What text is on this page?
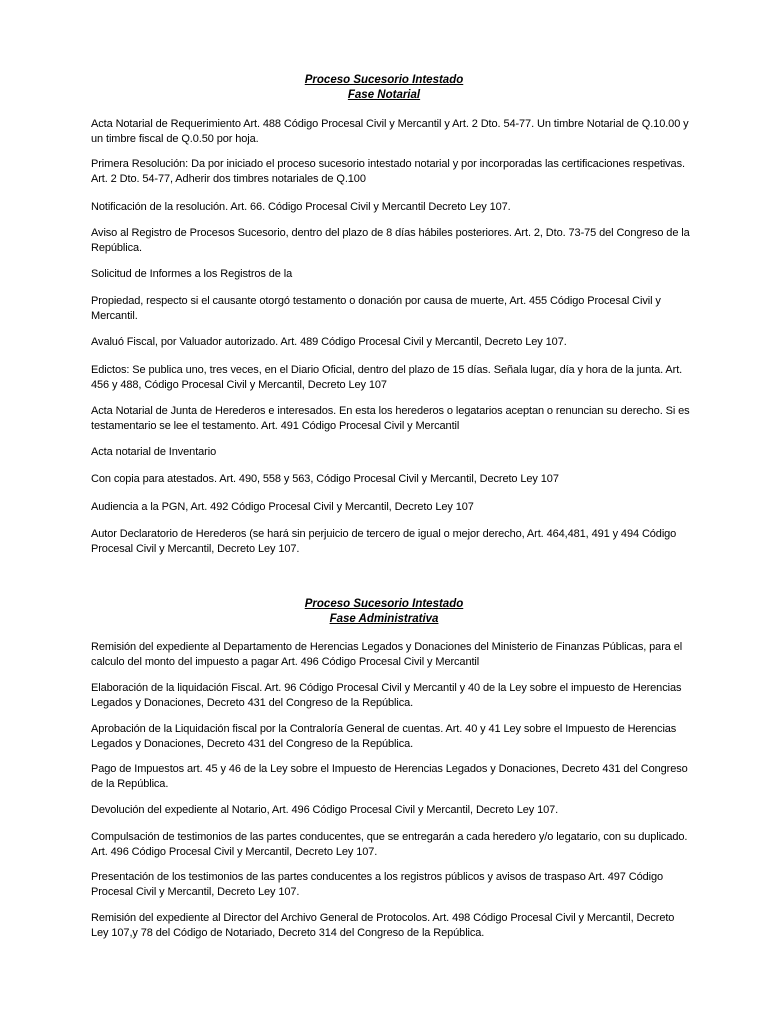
Proceso Sucesorio Intestado
Fase Notarial
Acta Notarial de Requerimiento Art. 488 Código Procesal Civil y Mercantil y Art. 2 Dto. 54-77. Un timbre Notarial de Q.10.00 y un timbre fiscal de Q.0.50 por hoja.
Primera Resolución: Da por iniciado el proceso sucesorio intestado notarial y por incorporadas las certificaciones respetivas. Art. 2 Dto. 54-77, Adherir dos timbres notariales de Q.100
Notificación de la resolución. Art. 66. Código Procesal Civil y Mercantil Decreto Ley 107.
Aviso al Registro de Procesos Sucesorio, dentro del plazo de 8 días hábiles posteriores. Art. 2, Dto. 73-75 del Congreso de la República.
Solicitud de Informes a los Registros de la
Propiedad, respecto si el causante otorgó testamento o donación por causa de muerte, Art. 455 Código Procesal Civil y Mercantil.
Avaluó Fiscal, por Valuador autorizado. Art. 489 Código Procesal Civil y Mercantil, Decreto Ley 107.
Edictos: Se publica uno, tres veces, en el Diario Oficial, dentro del plazo de 15 días. Señala lugar, día y hora de la junta. Art. 456 y 488, Código Procesal Civil y Mercantil, Decreto Ley 107
Acta Notarial de Junta de Herederos e interesados. En esta los herederos o legatarios aceptan o renuncian su derecho. Si es testamentario se lee el testamento. Art. 491 Código Procesal Civil y Mercantil
Acta notarial de Inventario
Con copia para atestados. Art. 490, 558 y 563, Código Procesal Civil y Mercantil, Decreto Ley 107
Audiencia a la PGN, Art. 492 Código Procesal Civil y Mercantil, Decreto Ley 107
Autor Declaratorio de Herederos (se hará sin perjuicio de tercero de igual o mejor derecho, Art. 464,481, 491 y 494 Código Procesal Civil y Mercantil, Decreto Ley 107.
Proceso Sucesorio Intestado
Fase Administrativa
Remisión del expediente al Departamento de Herencias Legados y Donaciones del Ministerio de Finanzas Públicas, para el calculo del monto del impuesto a pagar Art. 496 Código Procesal Civil y Mercantil
Elaboración de la liquidación Fiscal. Art. 96 Código Procesal Civil y Mercantil y 40 de la Ley sobre el impuesto de Herencias Legados y Donaciones, Decreto 431 del Congreso de la República.
Aprobación de la Liquidación fiscal por la Contraloría General de cuentas. Art. 40 y 41 Ley sobre el Impuesto de Herencias Legados y Donaciones, Decreto 431 del Congreso de la República.
Pago de Impuestos art. 45 y 46 de la Ley sobre el Impuesto de Herencias Legados y Donaciones, Decreto 431 del Congreso de la República.
Devolución del expediente al Notario, Art. 496 Código Procesal Civil y Mercantil, Decreto Ley 107.
Compulsación de testimonios de las partes conducentes, que se entregarán a cada heredero y/o legatario, con su duplicado. Art. 496 Código Procesal Civil y Mercantil, Decreto Ley 107.
Presentación de los testimonios de las partes conducentes a los registros públicos y avisos de traspaso Art. 497 Código Procesal Civil y Mercantil, Decreto Ley 107.
Remisión del expediente al Director del Archivo General de Protocolos. Art. 498 Código Procesal Civil y Mercantil, Decreto Ley 107,y 78 del Código de Notariado, Decreto 314 del Congreso de la República.
